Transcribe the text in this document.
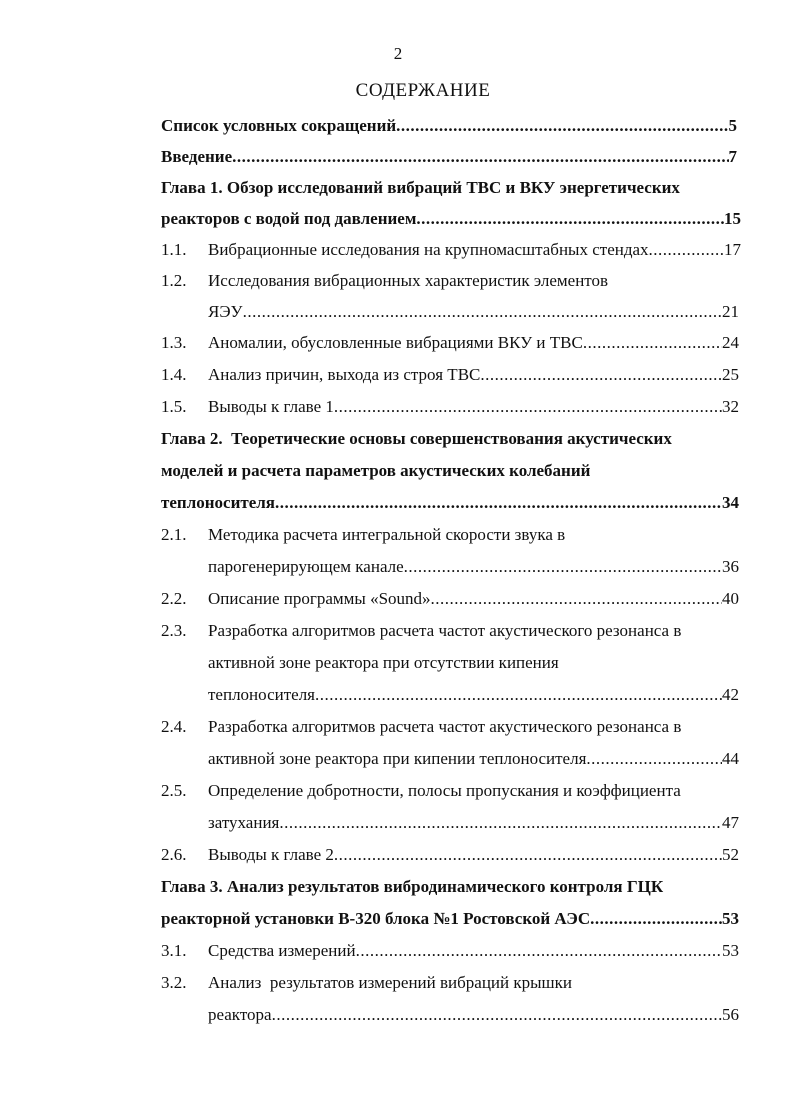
2
СОДЕРЖАНИЕ
Список условных сокращений .....	5
Введение .....	7
Глава 1. Обзор исследований вибраций ТВС и ВКУ энергетических
реакторов с водой под давлением .....	15
1.1.	Вибрационные исследования на крупномасштабных стендах .....	17
1.2.	Исследования вибрационных характеристик элементов
ЯЭУ .....	21
1.3.	Аномалии, обусловленные вибрациями ВКУ и ТВС .....	24
1.4.	Анализ причин, выхода из строя ТВС .....	25
1.5.	Выводы к главе 1 .....	32
Глава 2.  Теоретические основы совершенствования акустических
моделей и расчета параметров акустических колебаний
теплоносителя .....	34
2.1.	Методика расчета интегральной скорости звука в
парогенерирующем канале .....	36
2.2.	Описание программы «Sound» .....	40
2.3.	Разработка алгоритмов расчета частот акустического резонанса в
активной зоне реактора при отсутствии кипения
теплоносителя .....	42
2.4.	Разработка алгоритмов расчета частот акустического резонанса в
активной зоне реактора при кипении теплоносителя .....	44
2.5.	Определение добротности, полосы пропускания и коэффициента
затухания .....	47
2.6.	Выводы к главе 2 .....	52
Глава 3. Анализ результатов вибродинамического контроля ГЦК
реакторной установки В-320 блока №1 Ростовской АЭС .....	53
3.1.	Средства измерений .....	53
3.2.	Анализ  результатов измерений вибраций крышки
реактора .....	56
